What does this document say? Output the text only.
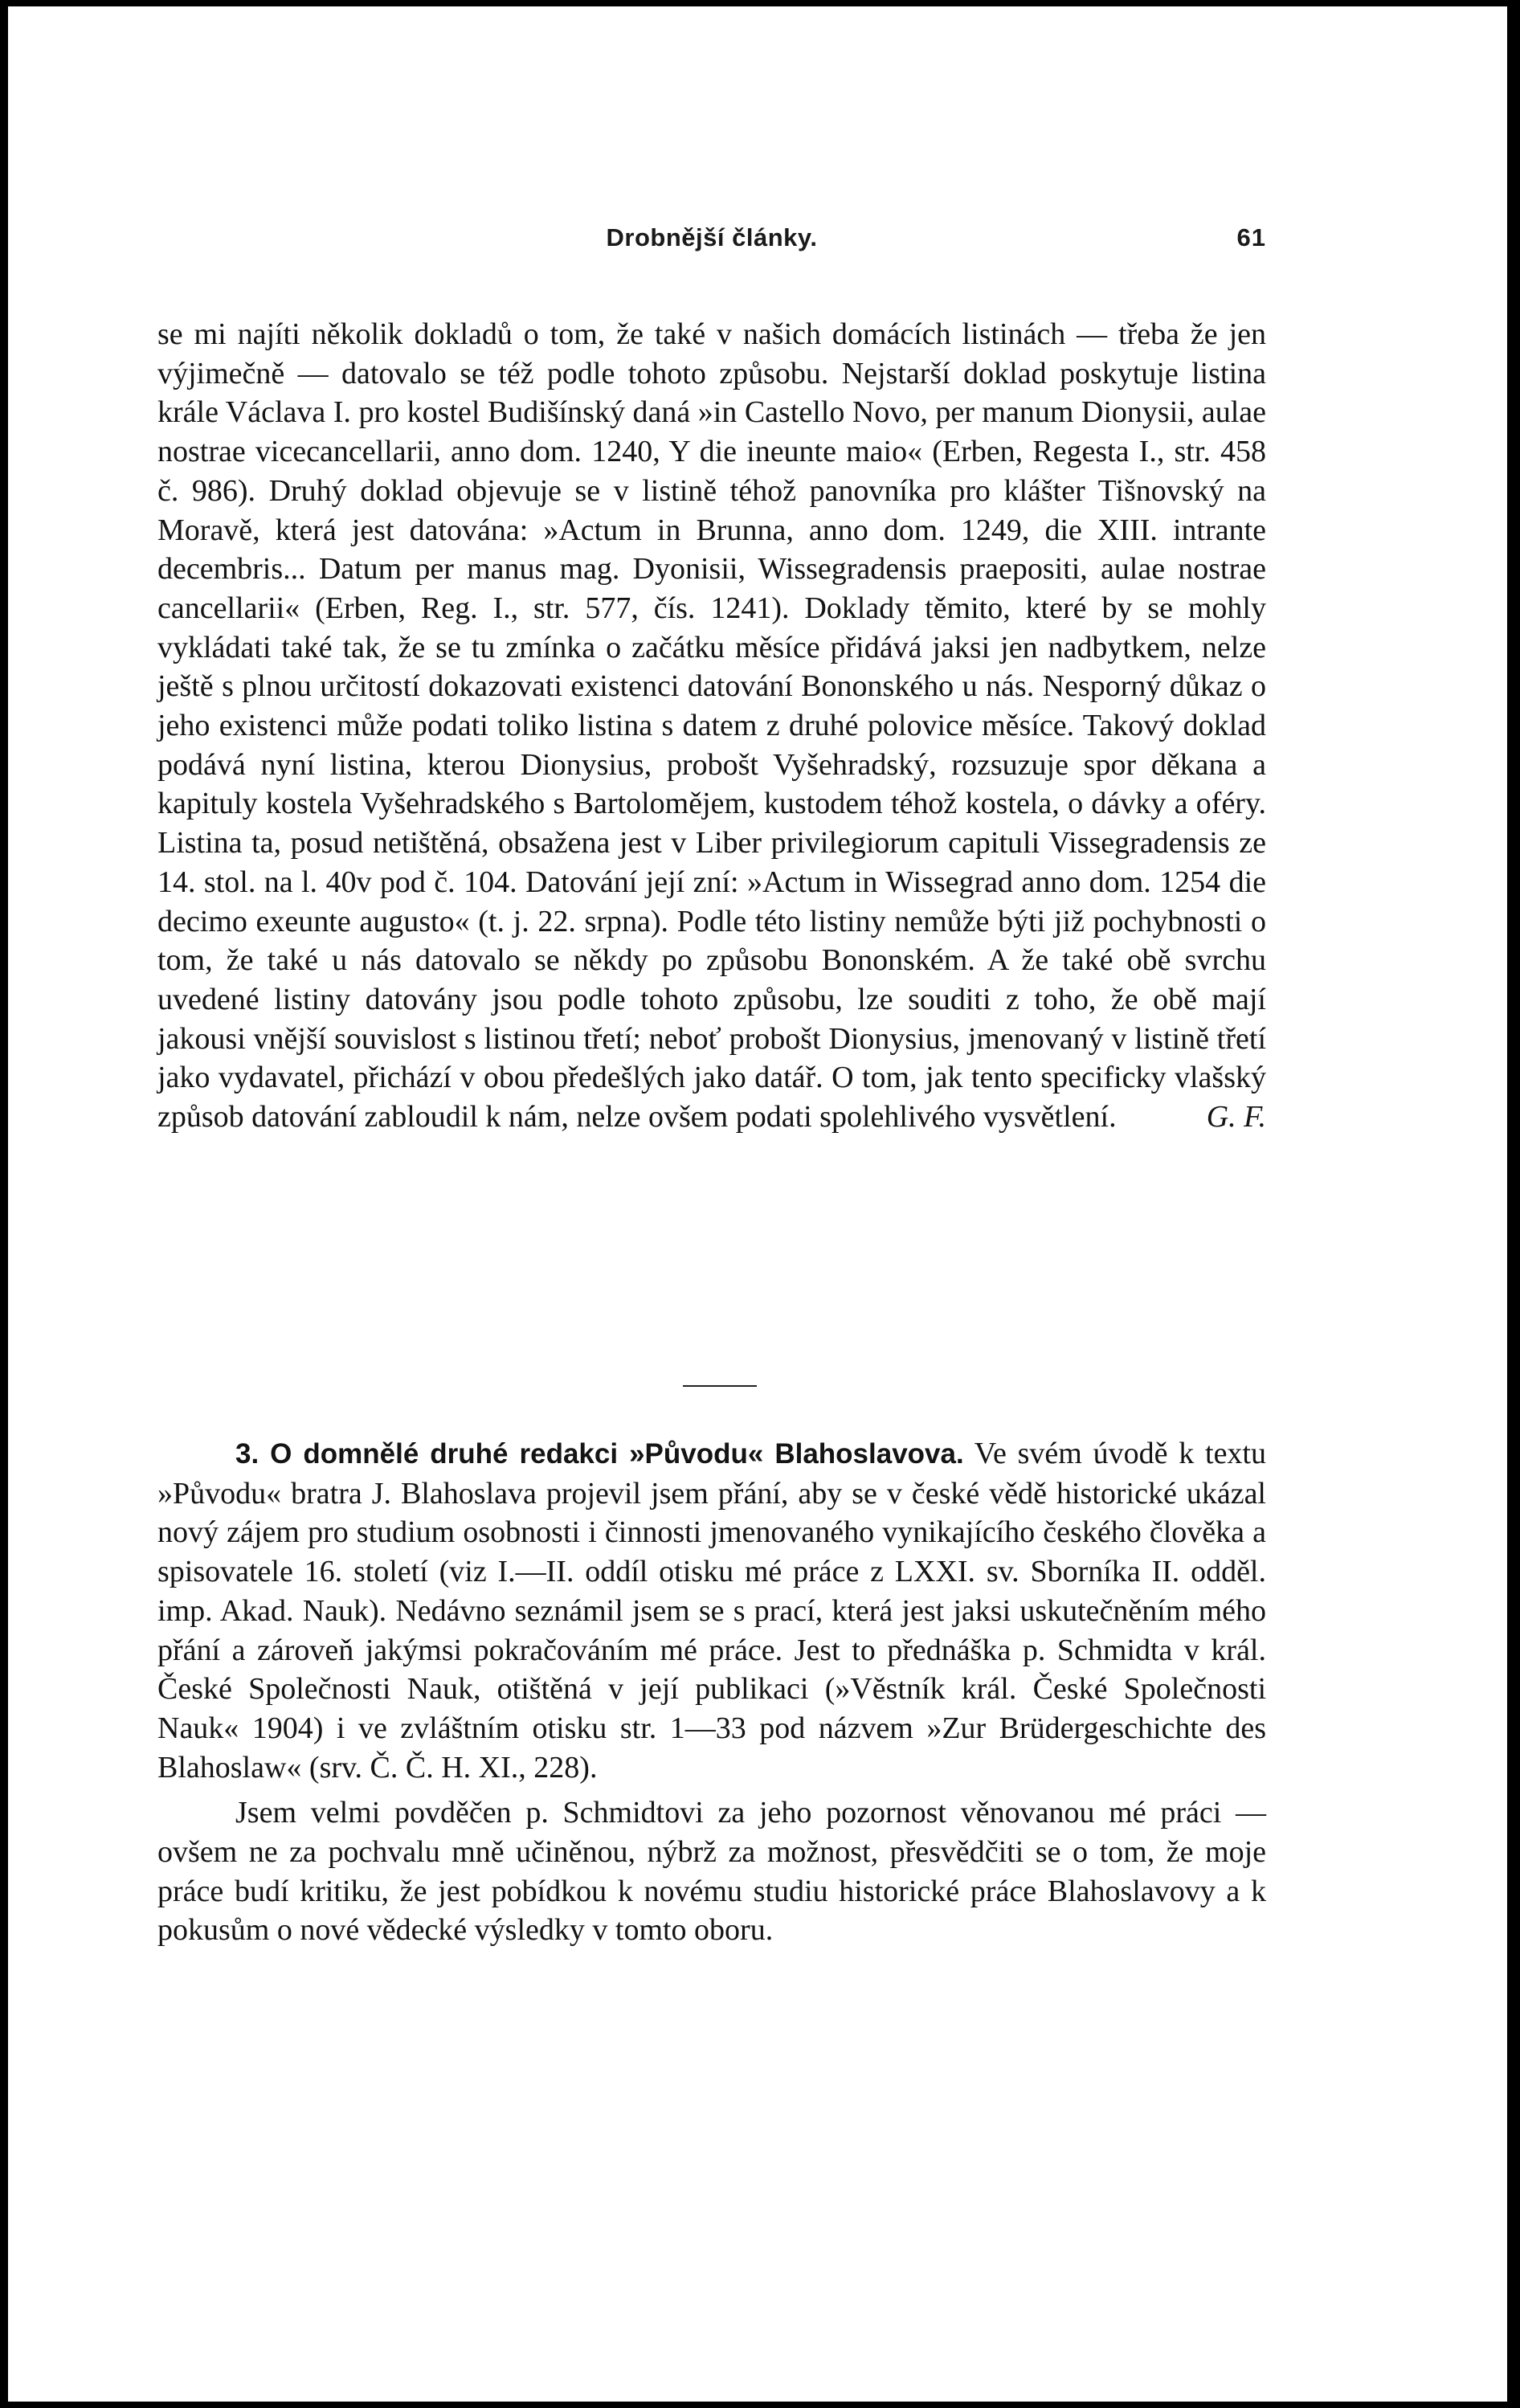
Drobnější články.	61

se mi najíti několik dokladů o tom, že také v našich domácích listinách — třeba že jen výjimečně — datovalo se též podle tohoto způsobu. Nejstarší doklad poskytuje listina krále Václava I. pro kostel Budišínský daná »in Castello Novo, per manum Dionysii, aulae nostrae vicecancellarii, anno dom. 1240, Y die ineunte maio« (Erben, Regesta I., str. 458 č. 986). Druhý doklad objevuje se v listině téhož panovníka pro klášter Tišnovský na Moravě, která jest datována: »Actum in Brunna, anno dom. 1249, die XIII. intrante decembris... Datum per manus mag. Dyonisii, Wissegradensis praepositi, aulae nostrae cancellarii« (Erben, Reg. I., str. 577, čís. 1241). Doklady těmito, které by se mohly vykládati také tak, že se tu zmínka o začátku měsíce přidává jaksi jen nadbytkem, nelze ještě s plnou určitostí dokazovati existenci datování Bononského u nás. Nesporný důkaz o jeho existenci může podati toliko listina s datem z druhé polovice měsíce. Takový doklad podává nyní listina, kterou Dionysius, probošt Vyšehradský, rozsuzuje spor děkana a kapituly kostela Vyšehradského s Bartolomějem, kustodem téhož kostela, o dávky a oféry. Listina ta, posud netištěná, obsažena jest v Liber privilegiorum capituli Vissegradensis ze 14. stol. na l. 40v pod č. 104. Datování její zní: »Actum in Wissegrad anno dom. 1254 die decimo exeunte augusto« (t. j. 22. srpna). Podle této listiny nemůže býti již pochybnosti o tom, že také u nás datovalo se někdy po způsobu Bononském. A že také obě svrchu uvedené listiny datovány jsou podle tohoto způsobu, lze souditi z toho, že obě mají jakousi vnější souvislost s listinou třetí; neboť probošt Dionysius, jmenovaný v listině třetí jako vydavatel, přichází v obou předešlých jako datář. O tom, jak tento specificky vlašský způsob datování zabloudil k nám, nelze ovšem podati spolehlivého vysvětlení.	G. F.

3. O domnělé druhé redakci »Původu« Blahoslavova. Ve svém úvodě k textu »Původu« bratra J. Blahoslava projevil jsem přání, aby se v české vědě historické ukázal nový zájem pro studium osobnosti i činnosti jmenovaného vynikajícího českého člověka a spisovatele 16. století (viz I.—II. oddíl otisku mé práce z LXXI. sv. Sborníka II. odděl. imp. Akad. Nauk). Nedávno seznámil jsem se s prací, která jest jaksi uskutečněním mého přání a zároveň jakýmsi pokračováním mé práce. Jest to přednáška p. Schmidta v král. České Společnosti Nauk, otištěná v její publikaci (»Věstník král. České Společnosti Nauk« 1904) i ve zvláštním otisku str. 1—33 pod názvem »Zur Brüdergeschichte des Blahoslaw« (srv. Č. Č. H. XI., 228).

Jsem velmi povděčen p. Schmidtovi za jeho pozornost věnovanou mé práci — ovšem ne za pochvalu mně učiněnou, nýbrž za možnost, přesvědčiti se o tom, že moje práce budí kritiku, že jest pobídkou k novému studiu historické práce Blahoslavovy a k pokusům o nové vědecké výsledky v tomto oboru.
